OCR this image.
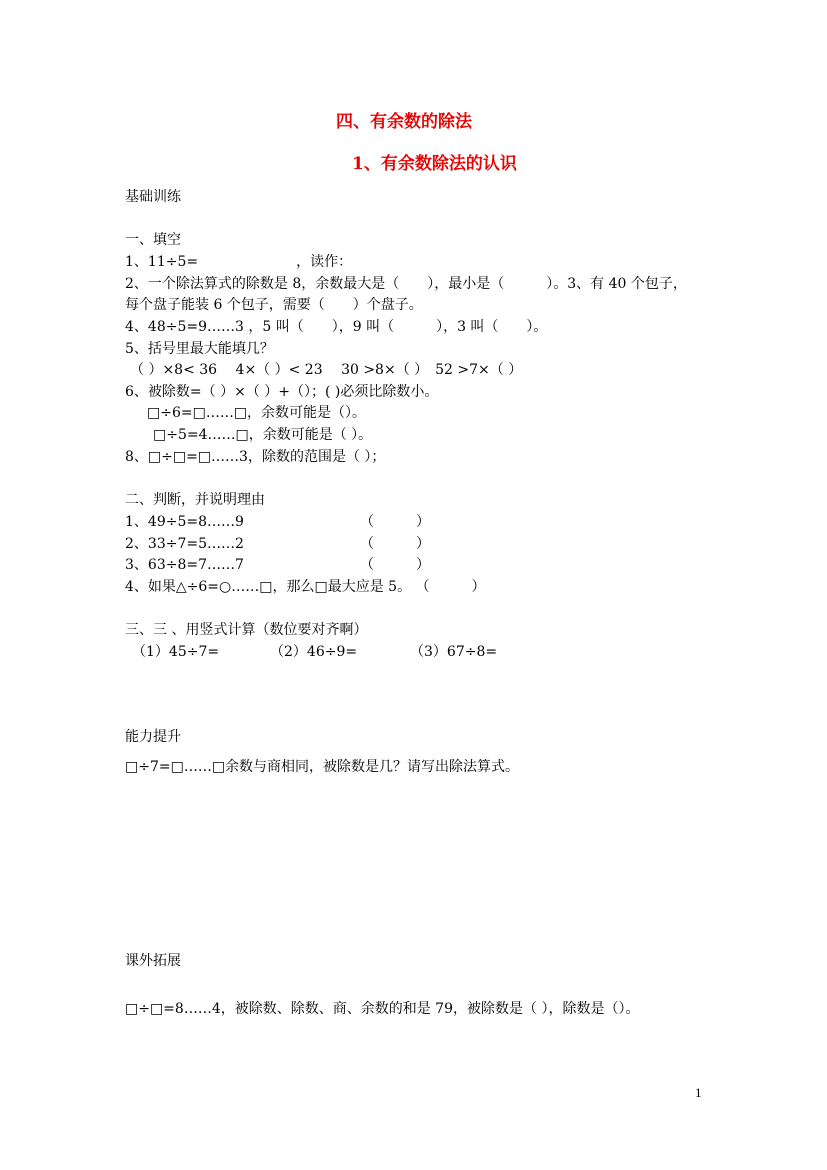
四、有余数的除法
1、有余数除法的认识
基础训练
一、填空
1、11÷5=　　　　　　　，读作：
2、一个除法算式的除数是 8，余数最大是（　　），最小是（　　　）。3、有 40 个包子，
每个盘子能装 6 个包子，需要（　　）个盘子。
4、48÷5=9……3 ，5 叫（　　），9 叫（　　　），3 叫（　　）。
5、括号里最大能填几？
（ ）×8< 36　 4×（ ）< 23　 30 >8×（ ）　52 >7×（ ）
6、被除数=（ ）×（ ）+（）；( )必须比除数小。
□÷6=□……□，余数可能是（）。
□÷5=4……□，余数可能是（ ）。
8、□÷□=□……3，除数的范围是（ ）；
二、判断，并说明理由
1、49÷5=8……9	（　　　）
2、33÷7=5……2	（　　　）
3、63÷8=7……7	（　　　）
4、如果△÷6=○……□，那么□最大应是 5。 （　　　）
三、三 、用竖式计算（数位要对齐啊）
（1）45÷7=	（2）46÷9=	（3）67÷8=
能力提升
□÷7=□……□余数与商相同，被除数是几？请写出除法算式。
课外拓展
□÷□=8……4，被除数、除数、商、余数的和是 79，被除数是（ ），除数是（）。
1
